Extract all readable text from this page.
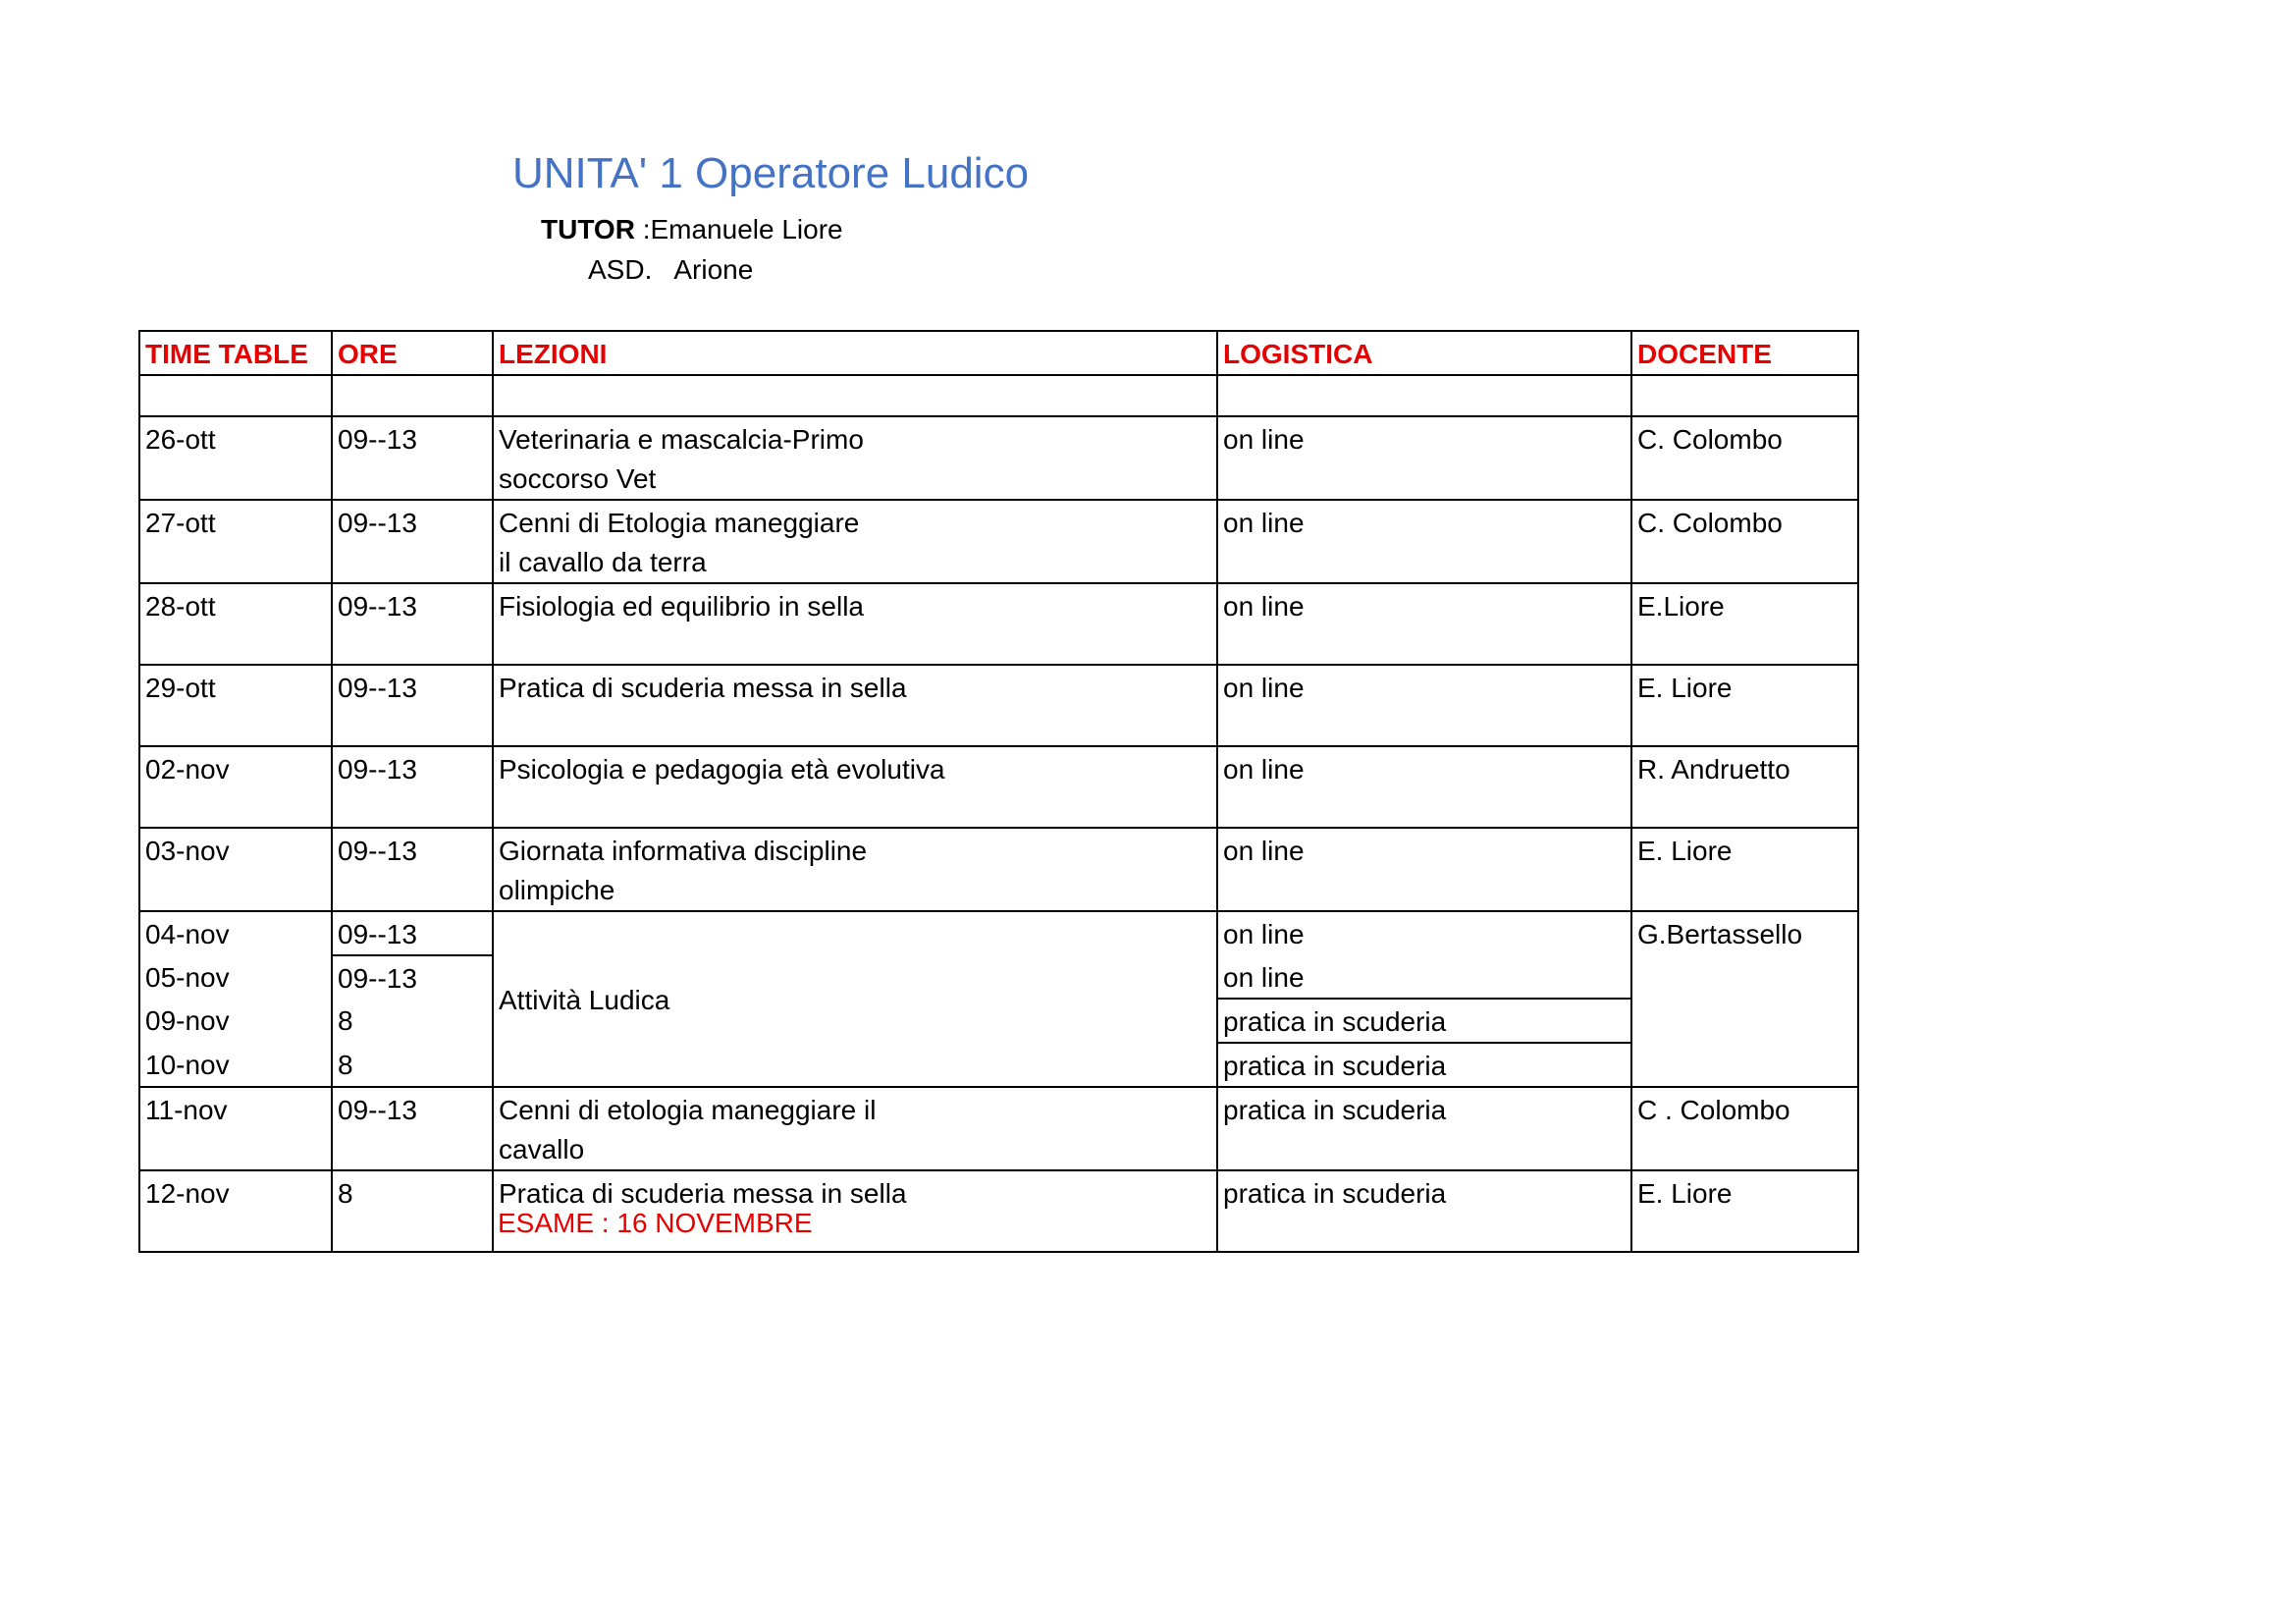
UNITA' 1 Operatore Ludico
TUTOR :Emanuele Liore
ASD. Arione
TIME TABLE	ORE	LEZIONI	LOGISTICA	DOCENTE

26-ott	09--13	Veterinaria e mascalcia-Primo soccorso Vet	on line	C. Colombo
27-ott	09--13	Cenni di Etologia maneggiare il cavallo da terra	on line	C. Colombo
28-ott	09--13	Fisiologia ed equilibrio in sella	on line	E.Liore
29-ott	09--13	Pratica di scuderia messa in sella	on line	E. Liore
02-nov	09--13	Psicologia e pedagogia età evolutiva	on line	R. Andruetto
03-nov	09--13	Giornata informativa discipline olimpiche	on line	E. Liore
04-nov	09--13	Attività Ludica	on line	G.Bertassello
05-nov	09--13		on line	
09-nov	8		pratica in scuderia	
10-nov	8		pratica in scuderia	
11-nov	09--13	Cenni di etologia maneggiare il cavallo	pratica in scuderia	C . Colombo
12-nov	8	Pratica di scuderia messa in sella	pratica in scuderia	E. Liore
ESAME : 16 NOVEMBRE
